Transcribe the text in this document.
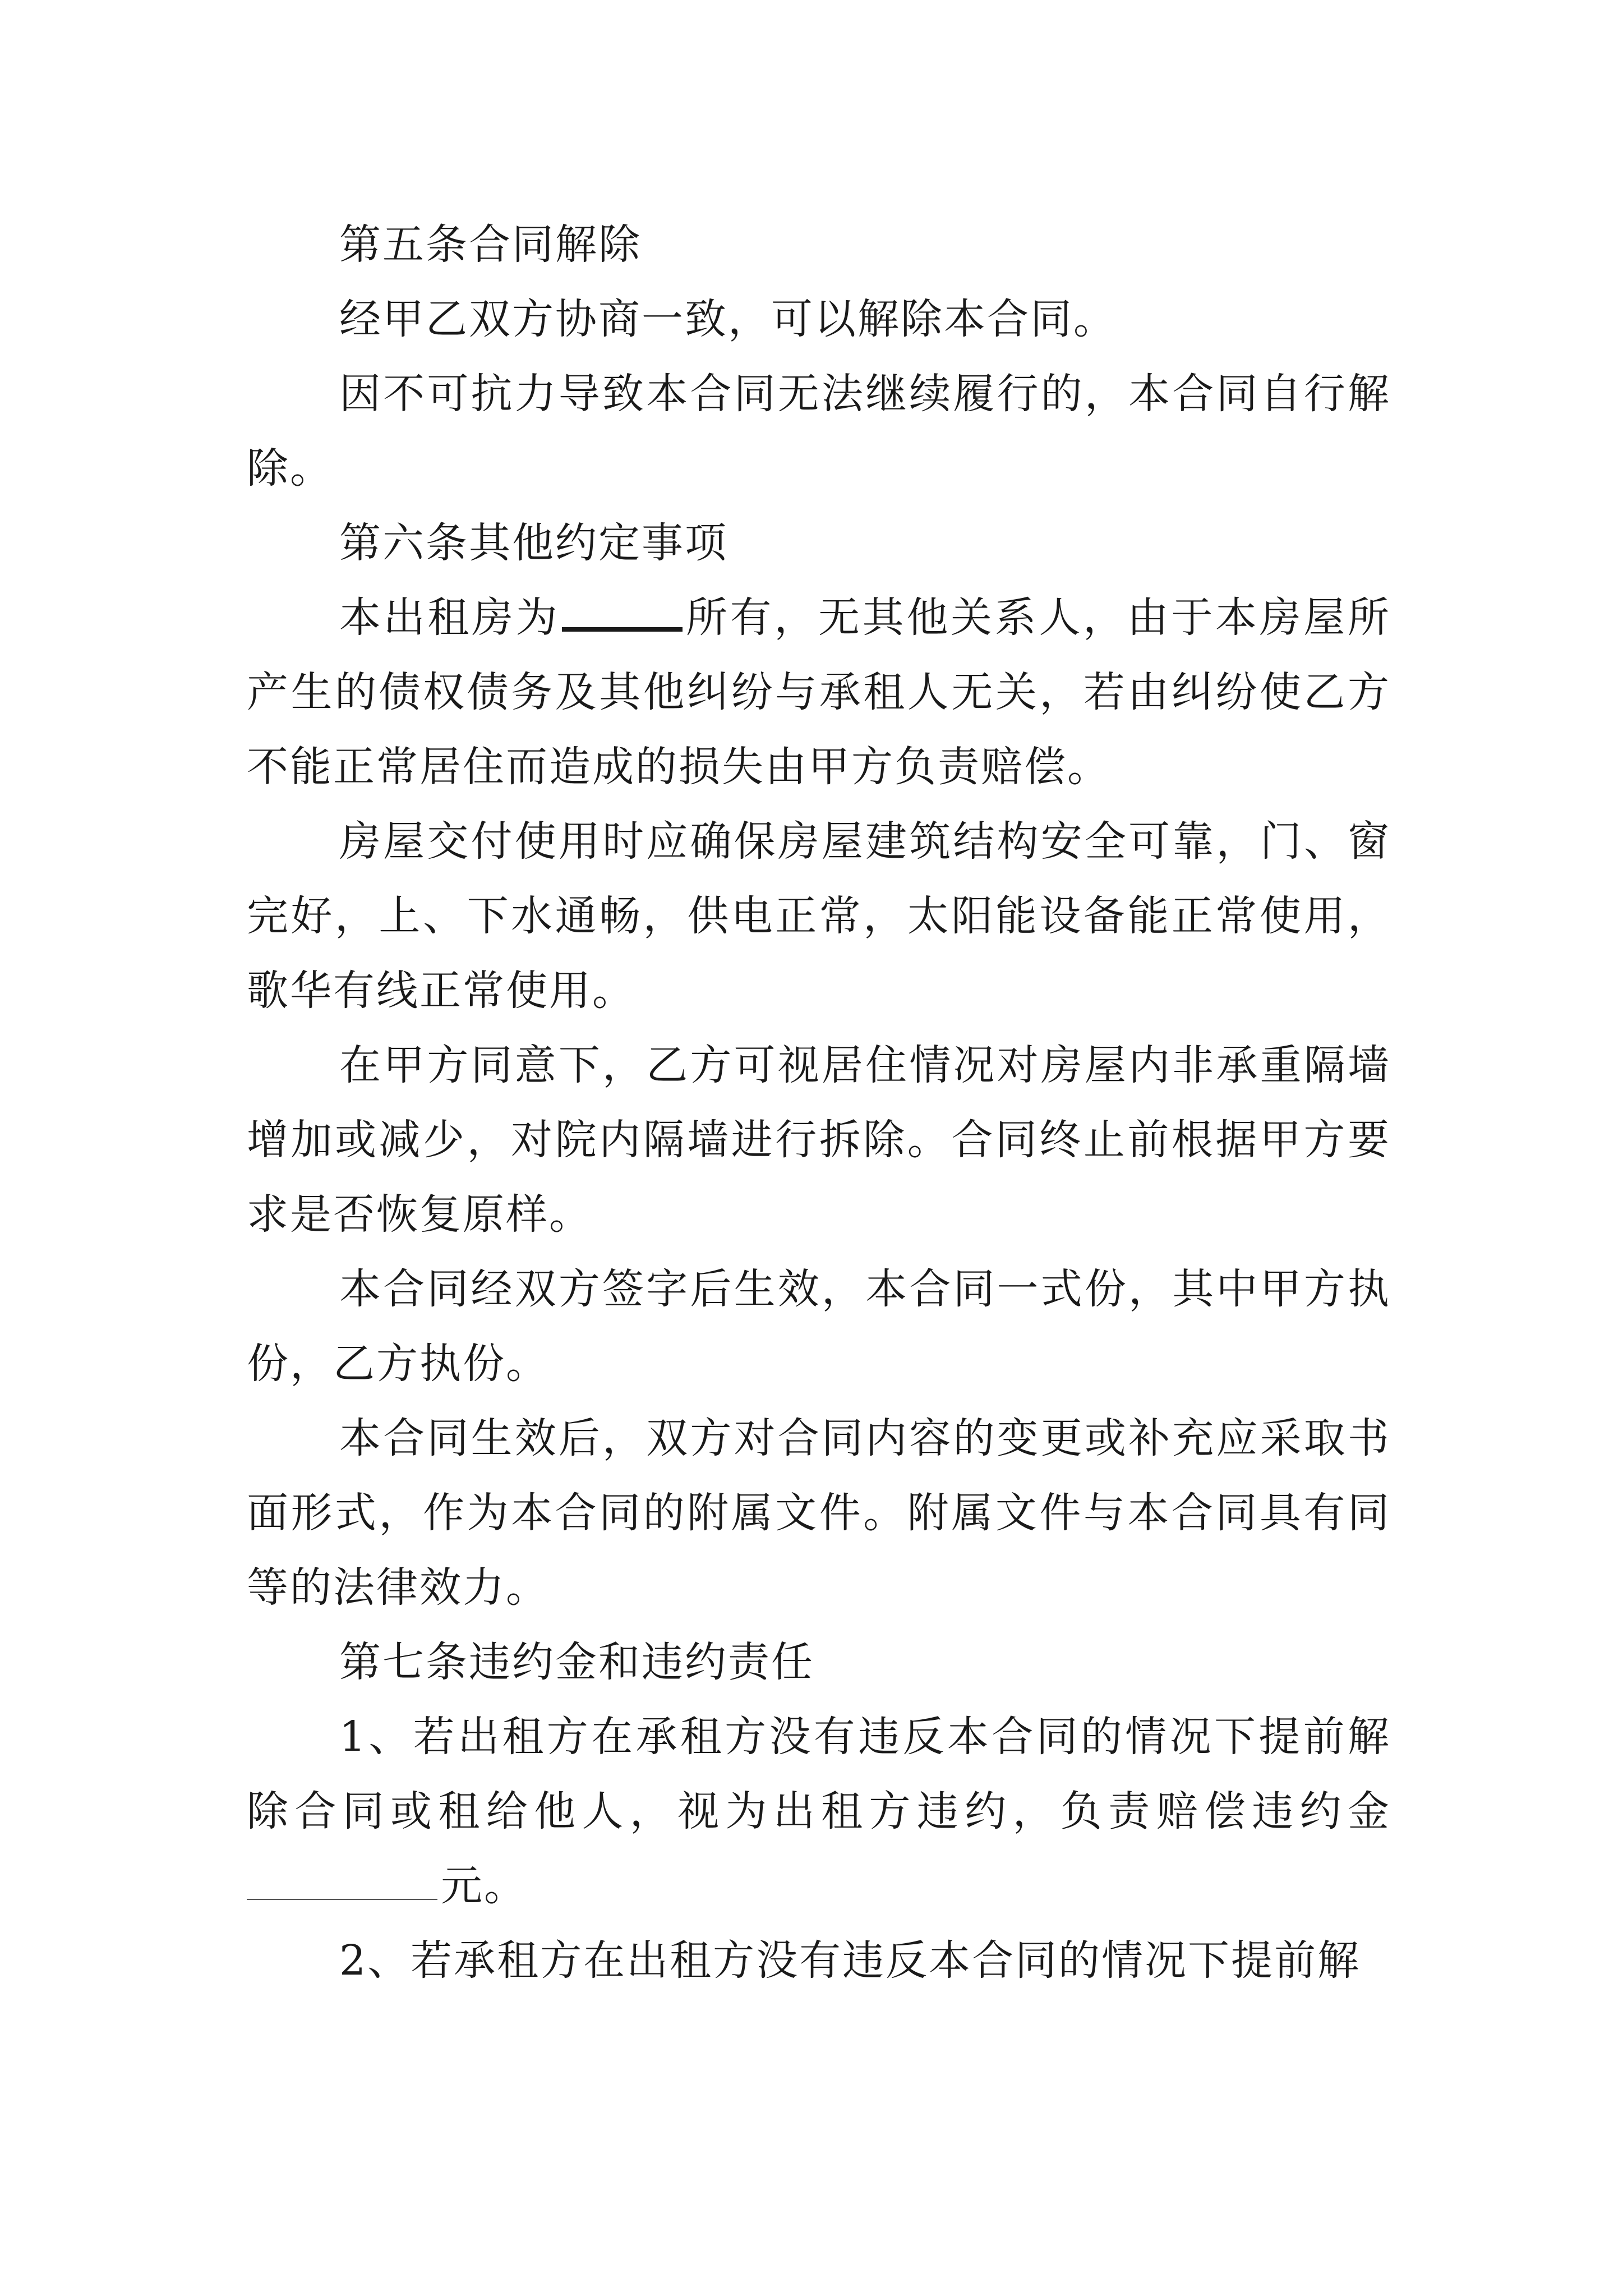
第五条合同解除

经甲乙双方协商一致，可以解除本合同。

因不可抗力导致本合同无法继续履行的，本合同自行解除。

第六条其他约定事项

本出租房为	所有，无其他关系人，由于本房屋所产生的债权债务及其他纠纷与承租人无关，若由纠纷使乙方不能正常居住而造成的损失由甲方负责赔偿。

房屋交付使用时应确保房屋建筑结构安全可靠，门、窗完好，上、下水通畅，供电正常，太阳能设备能正常使用，歌华有线正常使用。

在甲方同意下，乙方可视居住情况对房屋内非承重隔墙增加或减少，对院内隔墙进行拆除。合同终止前根据甲方要求是否恢复原样。

本合同经双方签字后生效，本合同一式份，其中甲方执份，乙方执份。

本合同生效后，双方对合同内容的变更或补充应采取书面形式，作为本合同的附属文件。附属文件与本合同具有同等的法律效力。

第七条违约金和违约责任

1、若出租方在承租方没有违反本合同的情况下提前解除合同或租给他人，视为出租方违约，负责赔偿违约金元。

2、若承租方在出租方没有违反本合同的情况下提前解
